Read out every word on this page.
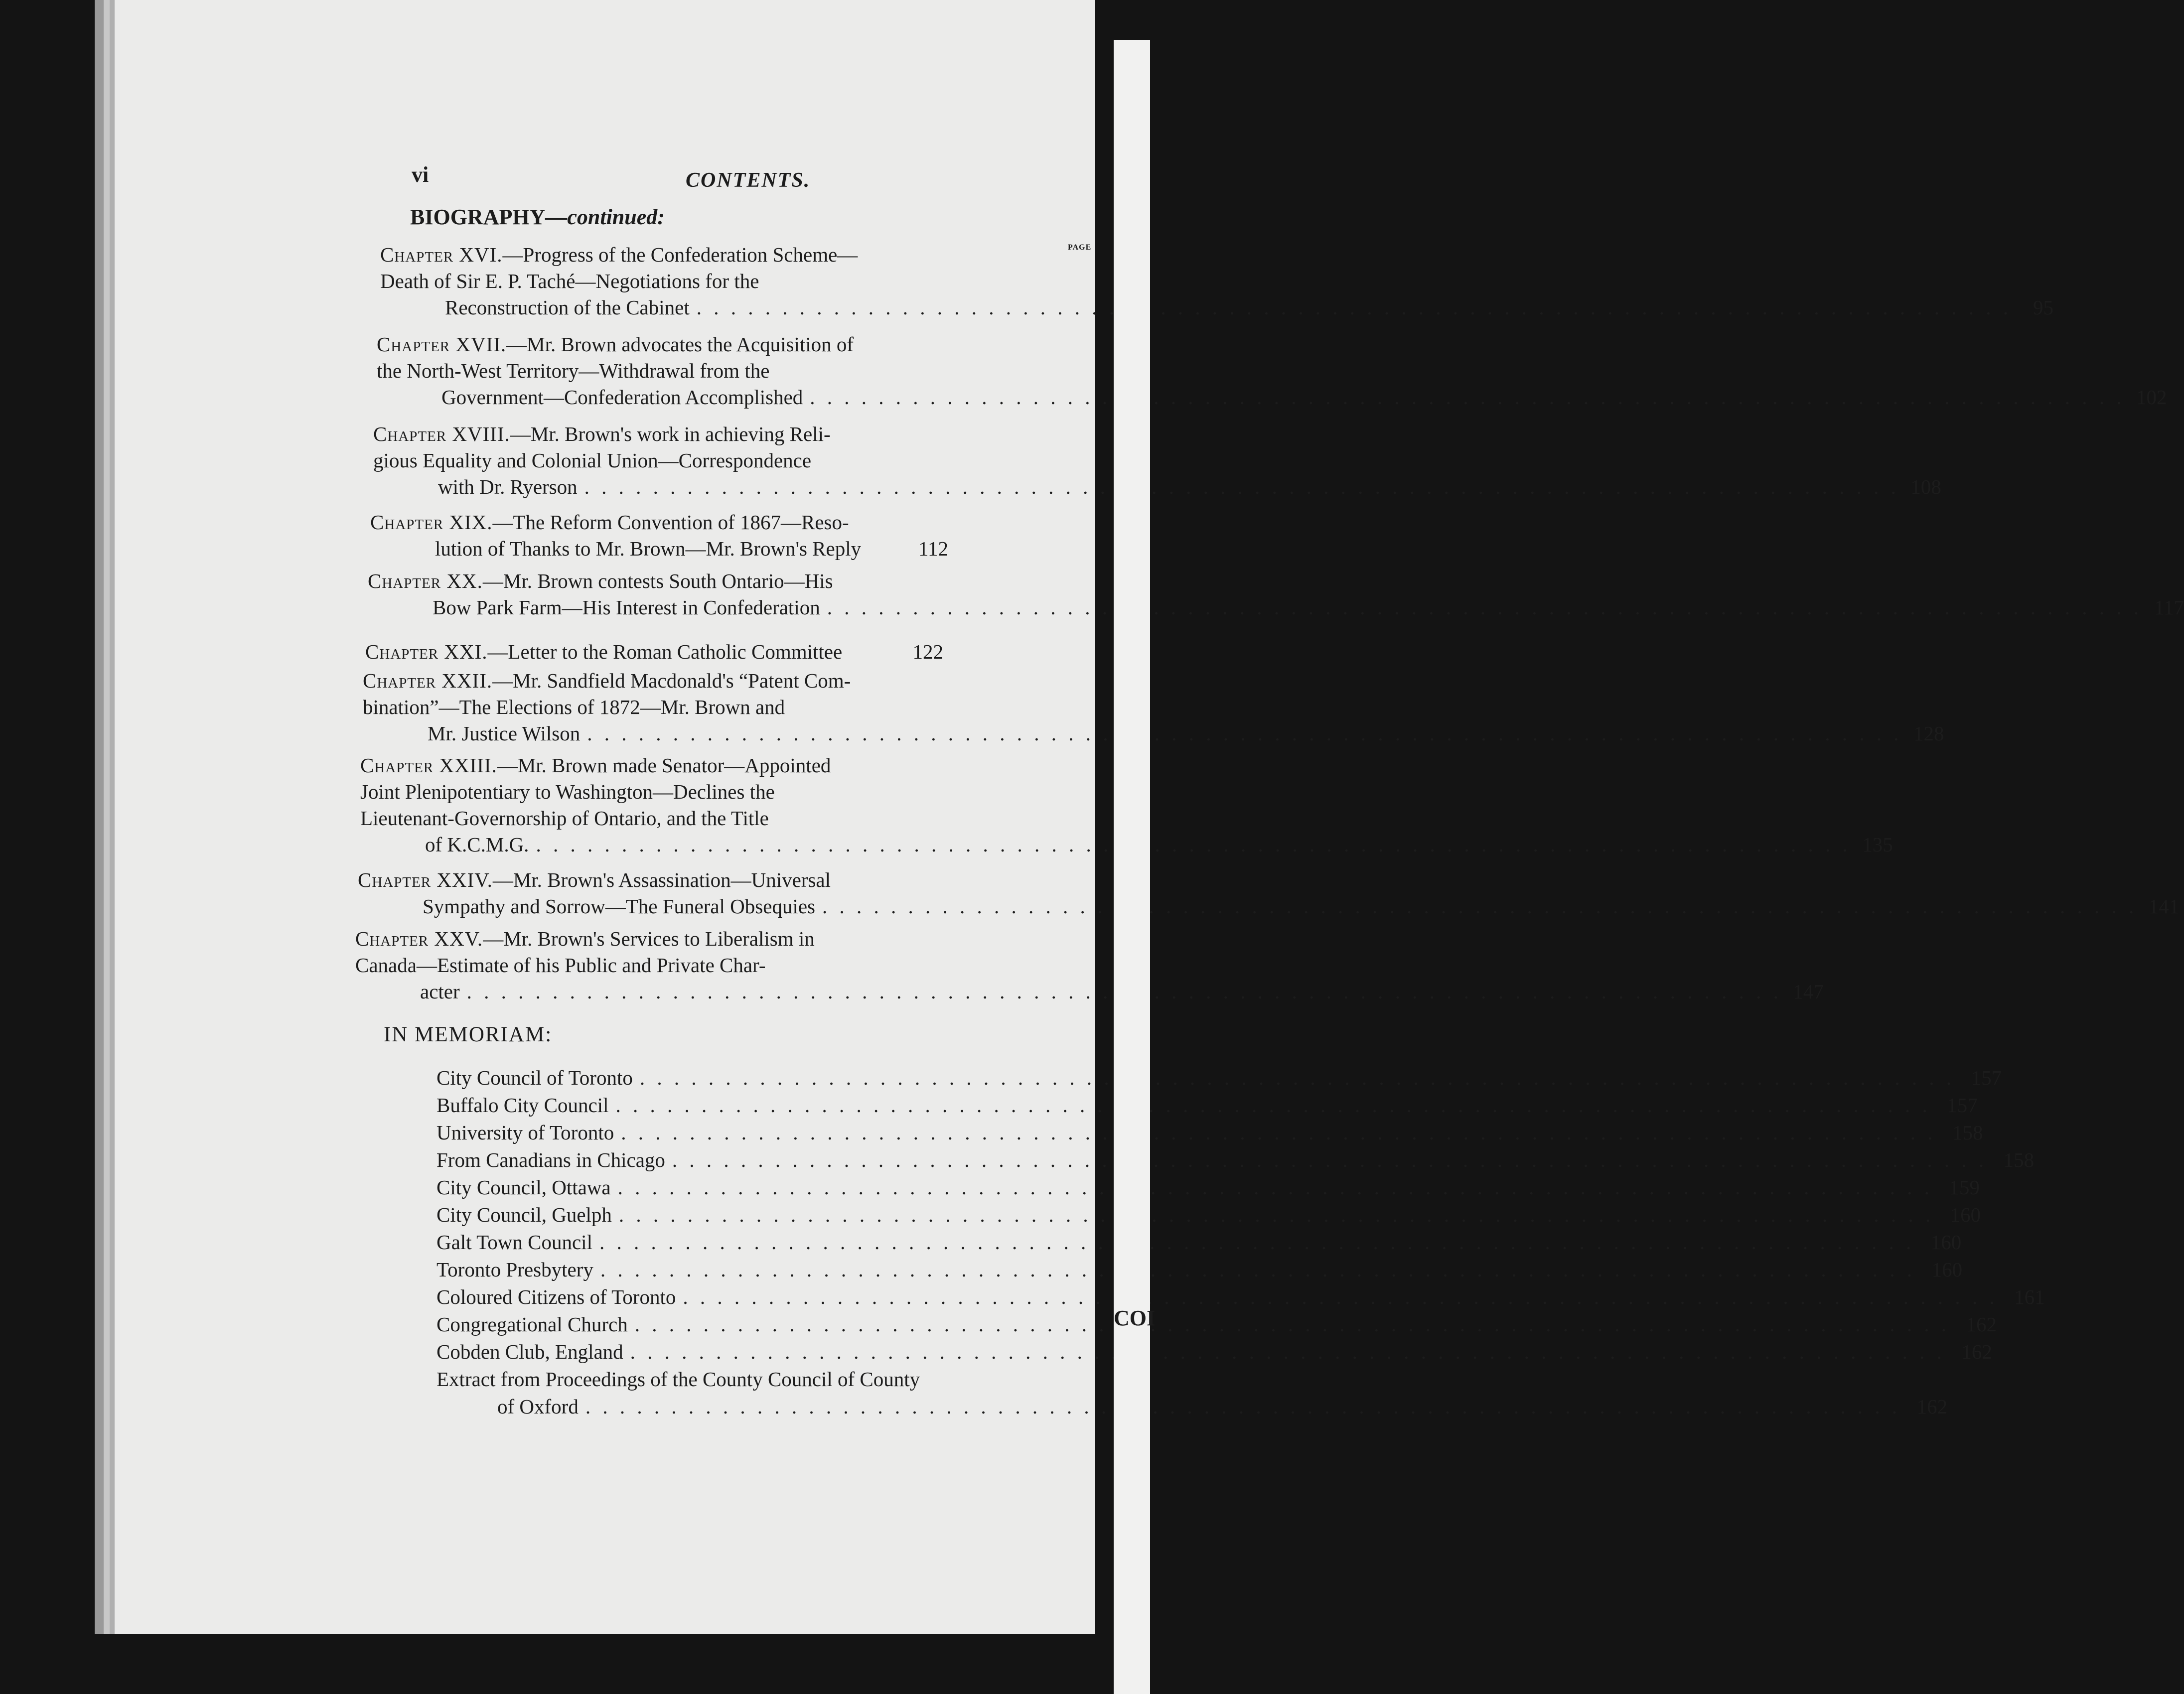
vi	CONTENTS.
BIOGRAPHY—continued:
PAGE
Chapter XVI. —Progress of the Confederation Scheme—
Death of Sir E. P. Taché—Negotiations for the
Reconstruction of the Cabinet . . .	95
Chapter XVII. —Mr. Brown advocates the Acquisition of
the North-West Territory—Withdrawal from the
Government—Confederation Accomplished . . .	102
Chapter XVIII. —Mr. Brown's work in achieving Reli-
gious Equality and Colonial Union—Correspondence
with Dr. Ryerson . . .	108
Chapter XIX. —The Reform Convention of 1867—Reso-
lution of Thanks to Mr. Brown—Mr. Brown's Reply	112
Chapter XX. —Mr. Brown contests South Ontario—His
Bow Park Farm—His Interest in Confederation . . .	117
Chapter XXI. —Letter to the Roman Catholic Committee	122
Chapter XXII. —Mr. Sandfield Macdonald's “Patent Com-
bination”—The Elections of 1872—Mr. Brown and
Mr. Justice Wilson . . .	128
Chapter XXIII. —Mr. Brown made Senator—Appointed
Joint Plenipotentiary to Washington—Declines the
Lieutenant-Governorship of Ontario, and the Title
of K.C.M.G. . . .	135
Chapter XXIV. —Mr. Brown's Assassination—Universal
Sympathy and Sorrow—The Funeral Obsequies . . .	141
Chapter XXV. —Mr. Brown's Services to Liberalism in
Canada—Estimate of his Public and Private Char-
acter . . .	147
IN MEMORIAM:
City Council of Toronto . . .	157
Buffalo City Council . . .	157
University of Toronto . . .	158
From Canadians in Chicago . . .	158
City Council, Ottawa . . .	159
City Council, Guelph . . .	160
Galt Town Council . . .	160
Toronto Presbytery . . .	160
Coloured Citizens of Toronto . . .	161
Congregational Church . . .	162
Cobden Club, England . . .	162
Extract from Proceedings of the County Council of County
of Oxford . . .	162
COI
